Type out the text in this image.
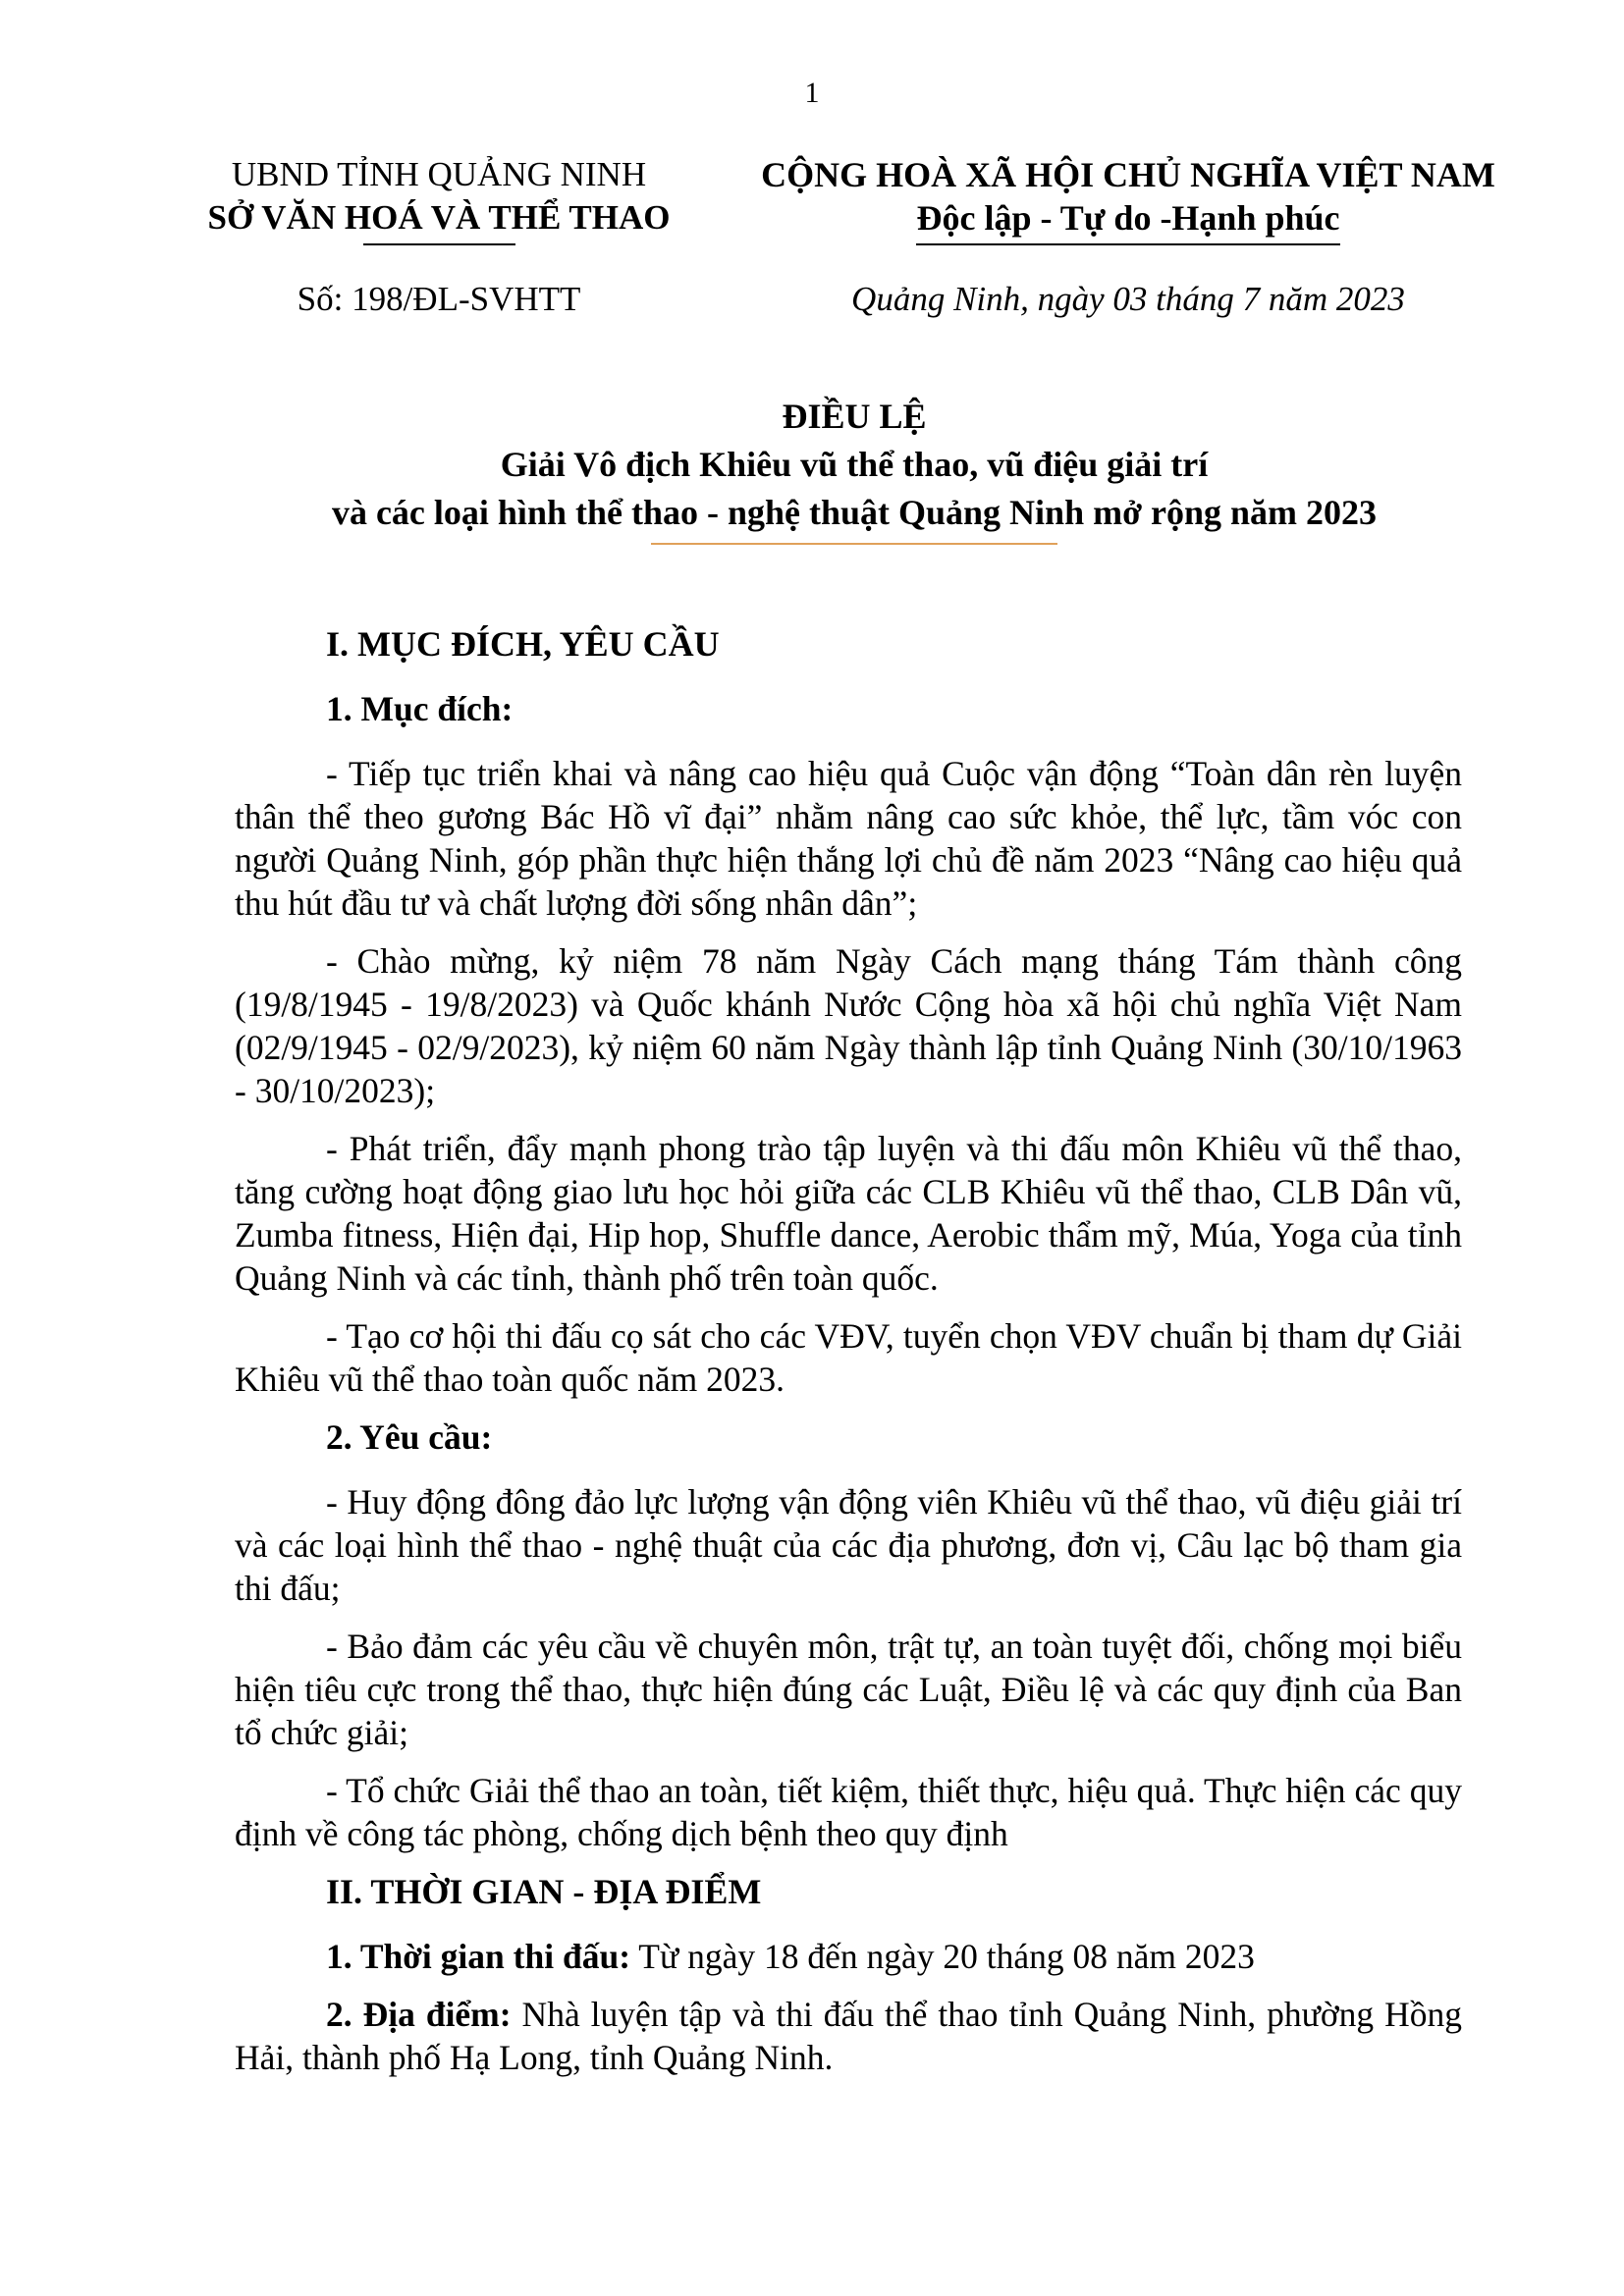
1
UBND TỈNH QUẢNG NINH
SỞ VĂN HOÁ VÀ THỂ THAO
CỘNG HOÀ XÃ HỘI CHỦ NGHĨA VIỆT NAM
Độc lập - Tự do -Hạnh phúc
Số: 198/ĐL-SVHTT	Quảng Ninh, ngày 03 tháng 7 năm 2023
ĐIỀU LỆ
Giải Vô địch Khiêu vũ thể thao, vũ điệu giải trí
và các loại hình thể thao - nghệ thuật Quảng Ninh mở rộng năm 2023
I. MỤC ĐÍCH, YÊU CẦU
1. Mục đích:

- Tiếp tục triển khai và nâng cao hiệu quả Cuộc vận động “Toàn dân rèn luyện thân thể theo gương Bác Hồ vĩ đại” nhằm nâng cao sức khỏe, thể lực, tầm vóc con người Quảng Ninh, góp phần thực hiện thắng lợi chủ đề năm 2023 “Nâng cao hiệu quả thu hút đầu tư và chất lượng đời sống nhân dân”;

- Chào mừng, kỷ niệm 78 năm Ngày Cách mạng tháng Tám thành công (19/8/1945 - 19/8/2023) và Quốc khánh Nước Cộng hòa xã hội chủ nghĩa Việt Nam (02/9/1945 - 02/9/2023), kỷ niệm 60 năm Ngày thành lập tỉnh Quảng Ninh (30/10/1963 - 30/10/2023);

- Phát triển, đẩy mạnh phong trào tập luyện và thi đấu môn Khiêu vũ thể thao, tăng cường hoạt động giao lưu học hỏi giữa các CLB Khiêu vũ thể thao, CLB Dân vũ, Zumba fitness, Hiện đại, Hip hop, Shuffle dance, Aerobic thẩm mỹ, Múa, Yoga của tỉnh Quảng Ninh và các tỉnh, thành phố trên toàn quốc.

- Tạo cơ hội thi đấu cọ sát cho các VĐV, tuyển chọn VĐV chuẩn bị tham dự Giải Khiêu vũ thể thao toàn quốc năm 2023.

2. Yêu cầu:

- Huy động đông đảo lực lượng vận động viên Khiêu vũ thể thao, vũ điệu giải trí và các loại hình thể thao - nghệ thuật của các địa phương, đơn vị, Câu lạc bộ tham gia thi đấu;

- Bảo đảm các yêu cầu về chuyên môn, trật tự, an toàn tuyệt đối, chống mọi biểu hiện tiêu cực trong thể thao, thực hiện đúng các Luật, Điều lệ và các quy định của Ban tổ chức giải;

- Tổ chức Giải thể thao an toàn, tiết kiệm, thiết thực, hiệu quả. Thực hiện các quy định về công tác phòng, chống dịch bệnh theo quy định

II. THỜI GIAN - ĐỊA ĐIỂM

1. Thời gian thi đấu: Từ ngày 18 đến ngày 20 tháng 08 năm 2023

2. Địa điểm: Nhà luyện tập và thi đấu thể thao tỉnh Quảng Ninh, phường Hồng Hải, thành phố Hạ Long, tỉnh Quảng Ninh.
